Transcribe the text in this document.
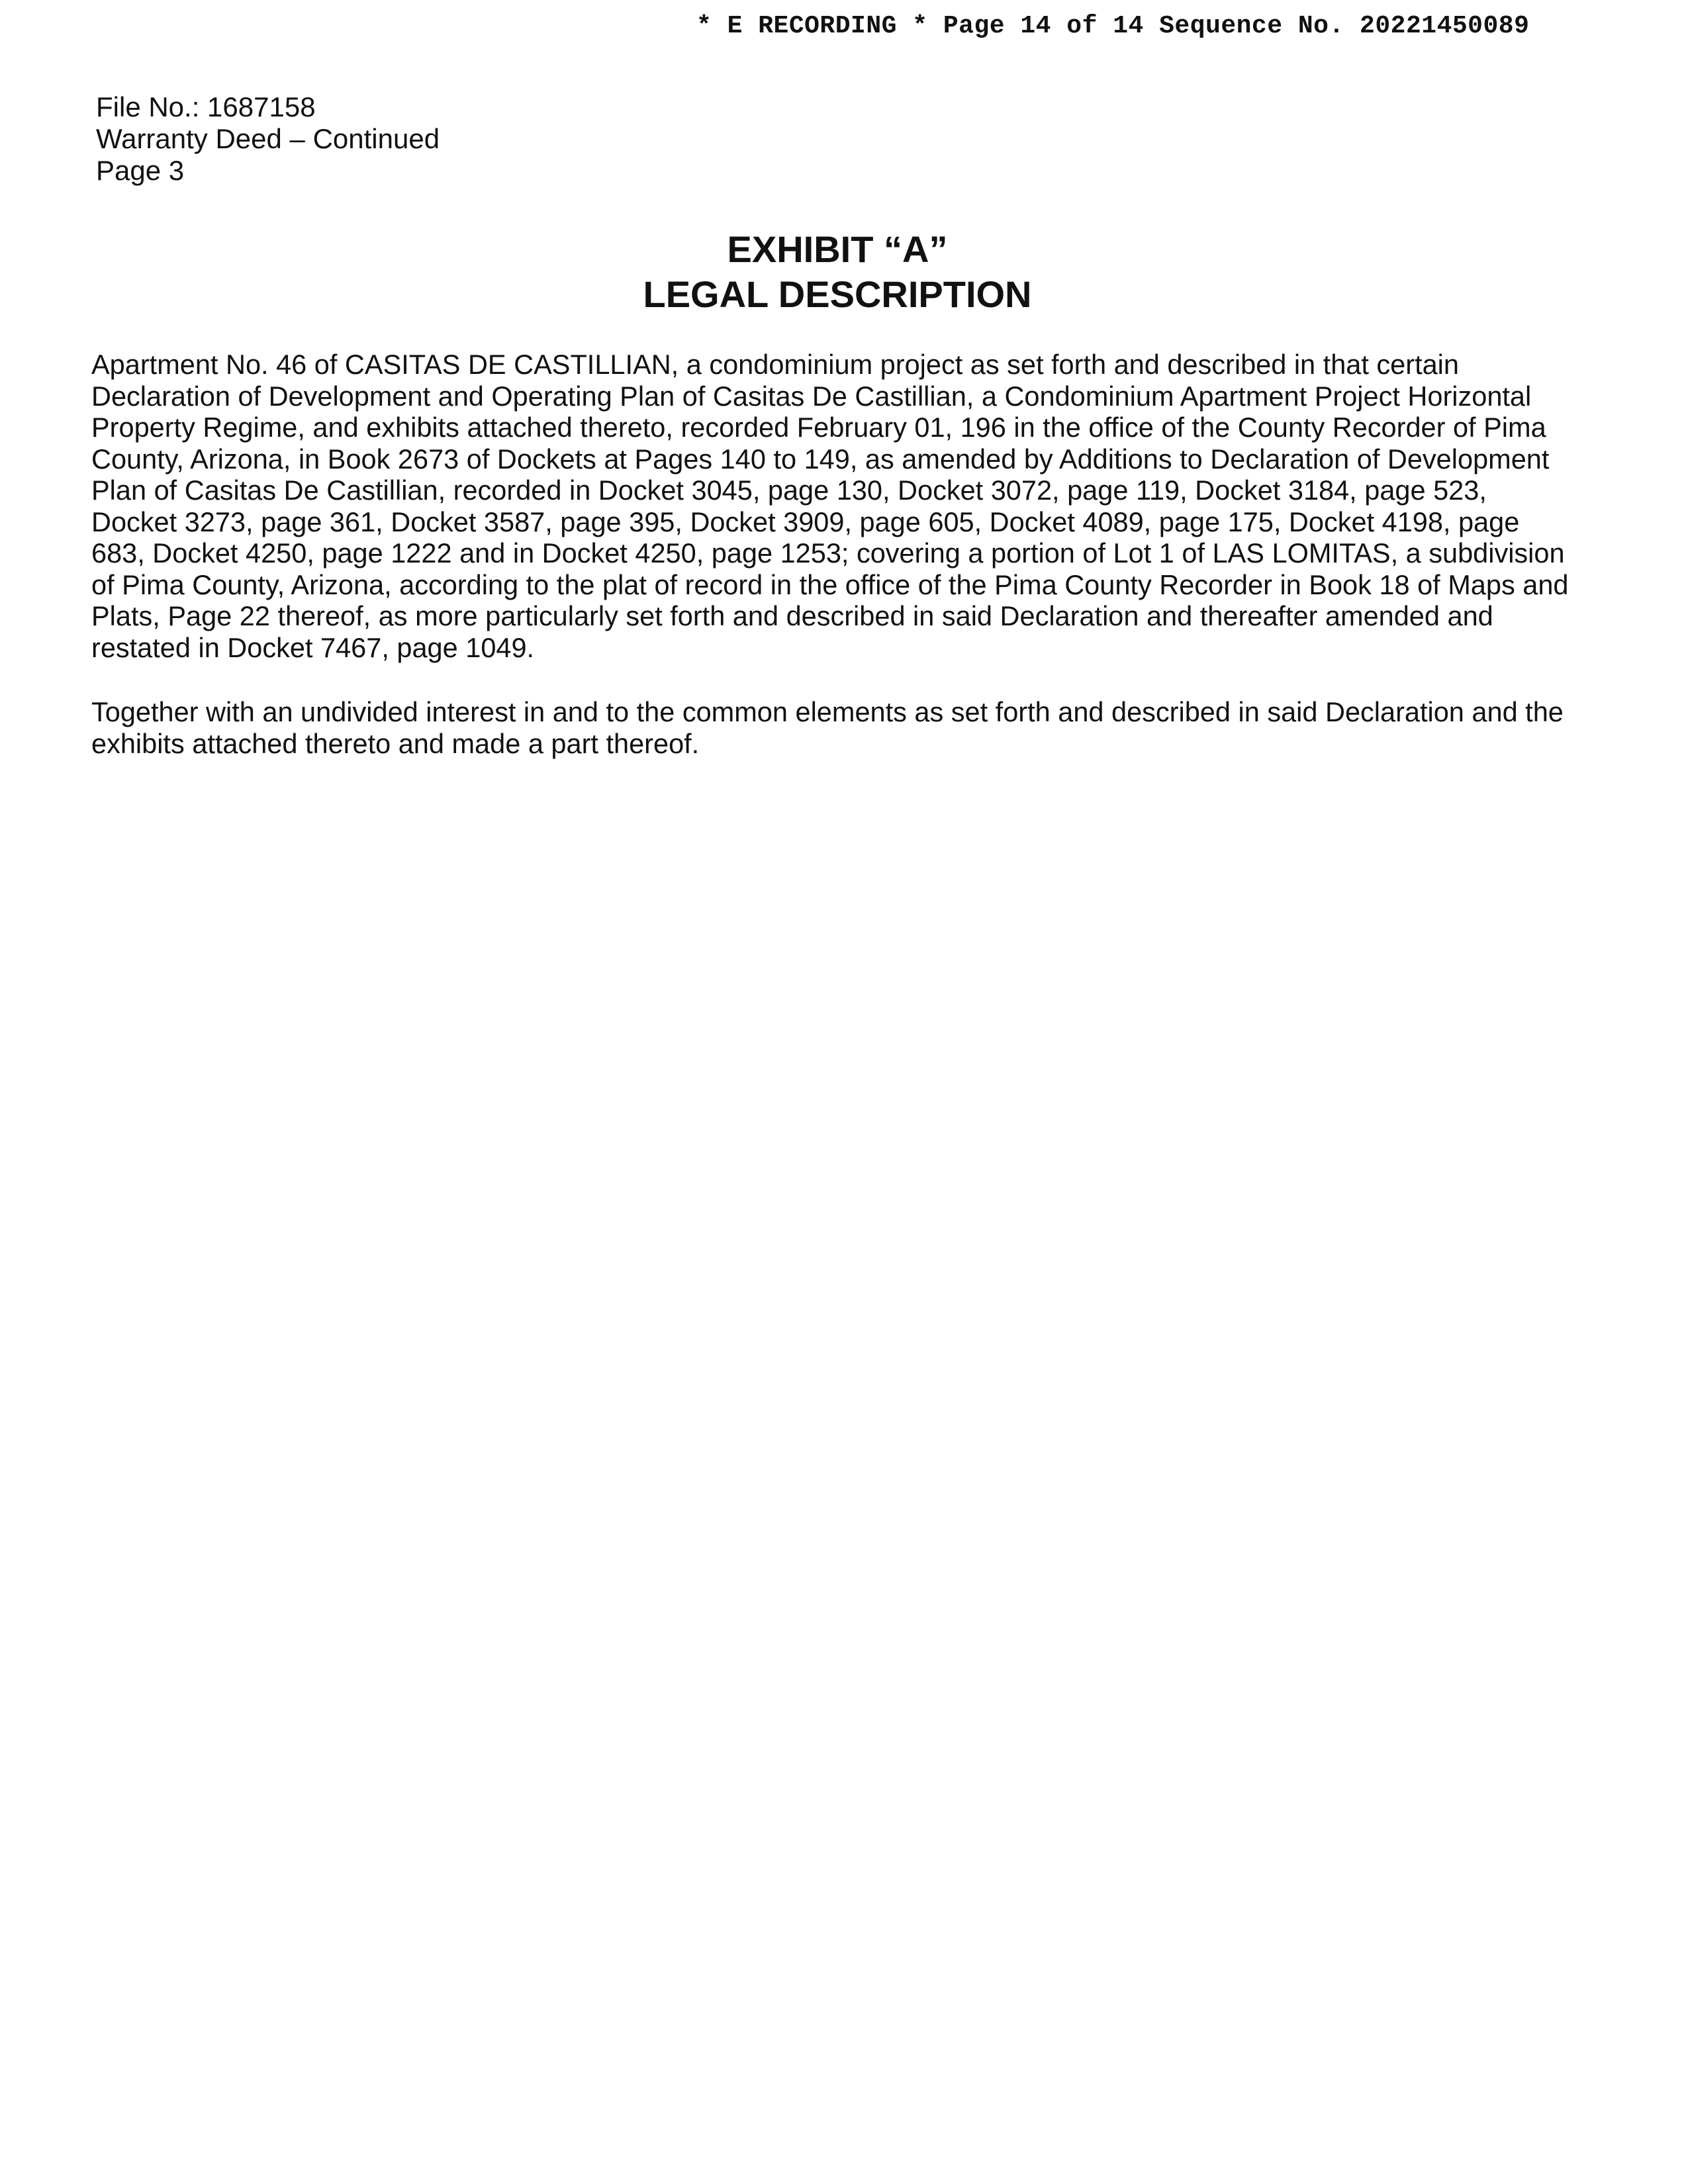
* E RECORDING * Page 14 of 14 Sequence No. 20221450089
File No.: 1687158
Warranty Deed – Continued
Page 3
EXHIBIT “A”
LEGAL DESCRIPTION
Apartment No. 46 of CASITAS DE CASTILLIAN, a condominium project as set forth and described in that certain
Declaration of Development and Operating Plan of Casitas De Castillian, a Condominium Apartment Project Horizontal
Property Regime, and exhibits attached thereto, recorded February 01, 196 in the office of the County Recorder of Pima
County, Arizona, in Book 2673 of Dockets at Pages 140 to 149, as amended by Additions to Declaration of Development
Plan of Casitas De Castillian, recorded in Docket 3045, page 130, Docket 3072, page 119, Docket 3184, page 523,
Docket 3273, page 361, Docket 3587, page 395, Docket 3909, page 605, Docket 4089, page 175, Docket 4198, page
683, Docket 4250, page 1222 and in Docket 4250, page 1253; covering a portion of Lot 1 of LAS LOMITAS, a subdivision
of Pima County, Arizona, according to the plat of record in the office of the Pima County Recorder in Book 18 of Maps and
Plats, Page 22 thereof, as more particularly set forth and described in said Declaration and thereafter amended and
restated in Docket 7467, page 1049.
Together with an undivided interest in and to the common elements as set forth and described in said Declaration and the
exhibits attached thereto and made a part thereof.
